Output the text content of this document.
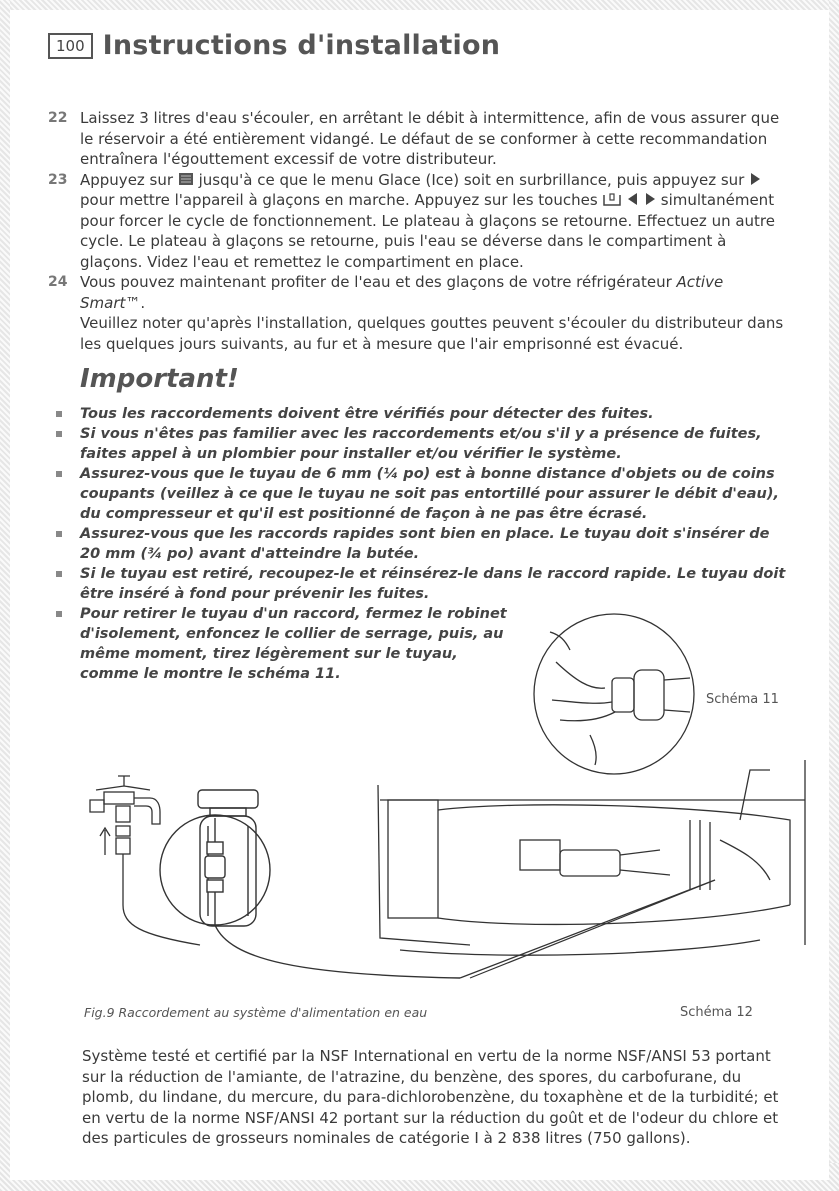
100 Instructions d'installation
22 Laissez 3 litres d'eau s'écouler, en arrêtant le débit à intermittence, afin de vous assurer que le réservoir a été entièrement vidangé. Le défaut de se conformer à cette recommandation entraînera l'égouttement excessif de votre distributeur.
23 Appuyez sur jusqu'à ce que le menu Glace (Ice) soit en surbrillance, puis appuyez sur  pour mettre l'appareil à glaçons en marche. Appuyez sur les touches	simultanément pour forcer le cycle de fonctionnement. Le plateau à glaçons se retourne. Effectuez un autre cycle. Le plateau à glaçons se retourne, puis l'eau se déverse dans le compartiment à glaçons. Videz l'eau et remettez le compartiment en place.
24 Vous pouvez maintenant profiter de l'eau et des glaçons de votre réfrigérateur Active Smart™.
Veuillez noter qu'après l'installation, quelques gouttes peuvent s'écouler du distributeur dans les quelques jours suivants, au fur et à mesure que l'air emprisonné est évacué.
Important!
Tous les raccordements doivent être vérifiés pour détecter des fuites.
Si vous n'êtes pas familier avec les raccordements et/ou s'il y a présence de fuites, faites appel à un plombier pour installer et/ou vérifier le système.
Assurez-vous que le tuyau de 6 mm (¼ po) est à bonne distance d'objets ou de coins coupants (veillez à ce que le tuyau ne soit pas entortillé pour assurer le débit d'eau), du compresseur et qu'il est positionné de façon à ne pas être écrasé.
Assurez-vous que les raccords rapides sont bien en place. Le tuyau doit s'insérer de 20 mm (¾ po) avant d'atteindre la butée.
Si le tuyau est retiré, recoupez-le et réinsérez-le dans le raccord rapide. Le tuyau doit être inséré à fond pour prévenir les fuites.
Pour retirer le tuyau d'un raccord, fermez le robinet d'isolement, enfoncez le collier de serrage, puis, au même moment, tirez légèrement sur le tuyau, comme le montre le schéma 11.
Schéma 11
Fig.9 Raccordement au système d'alimentation en eau	Schéma 12
Système testé et certifié par la NSF International en vertu de la norme NSF/ANSI 53 portant sur la réduction de l'amiante, de l'atrazine, du benzène, des spores, du carbofurane, du plomb, du lindane, du mercure, du para-dichlorobenzène, du toxaphène et de la turbidité; et en vertu de la norme NSF/ANSI 42 portant sur la réduction du goût et de l'odeur du chlore et des particules de grosseurs nominales de catégorie I à 2 838 litres (750 gallons).
